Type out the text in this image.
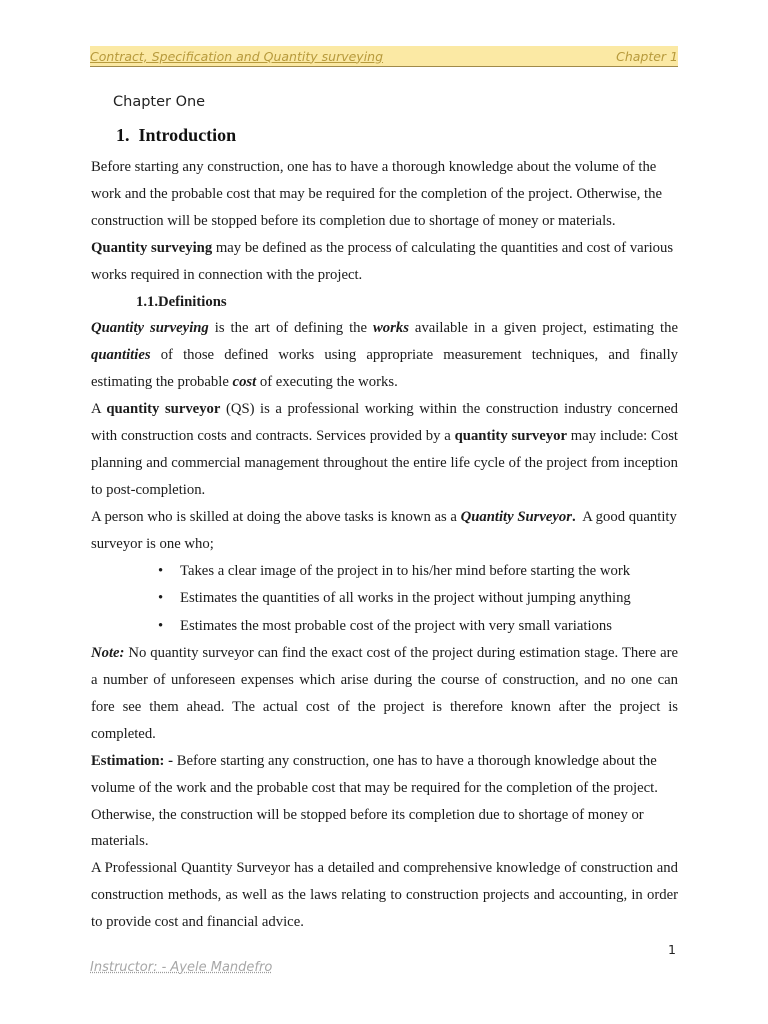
Contract, Specification and Quantity surveying	Chapter 1
Chapter One
1. Introduction

Before starting any construction, one has to have a thorough knowledge about the volume of the work and the probable cost that may be required for the completion of the project. Otherwise, the construction will be stopped before its completion due to shortage of money or materials.

Quantity surveying may be defined as the process of calculating the quantities and cost of various works required in connection with the project.

1.1.Definitions

Quantity surveying is the art of defining the works available in a given project, estimating the quantities of those defined works using appropriate measurement techniques, and finally estimating the probable cost of executing the works.

A quantity surveyor (QS) is a professional working within the construction industry concerned with construction costs and contracts. Services provided by a quantity surveyor may include: Cost planning and commercial management throughout the entire life cycle of the project from inception to post-completion.

A person who is skilled at doing the above tasks is known as a Quantity Surveyor.  A good quantity surveyor is one who;

• Takes a clear image of the project in to his/her mind before starting the work
• Estimates the quantities of all works in the project without jumping anything
• Estimates the most probable cost of the project with very small variations

Note: No quantity surveyor can find the exact cost of the project during estimation stage. There are a number of unforeseen expenses which arise during the course of construction, and no one can fore see them ahead. The actual cost of the project is therefore known after the project is completed.

Estimation: - Before starting any construction, one has to have a thorough knowledge about the volume of the work and the probable cost that may be required for the completion of the project. Otherwise, the construction will be stopped before its completion due to shortage of money or materials.

A Professional Quantity Surveyor has a detailed and comprehensive knowledge of construction and construction methods, as well as the laws relating to construction projects and accounting, in order to provide cost and financial advice.

1
Instructor: - Ayele Mandefro
